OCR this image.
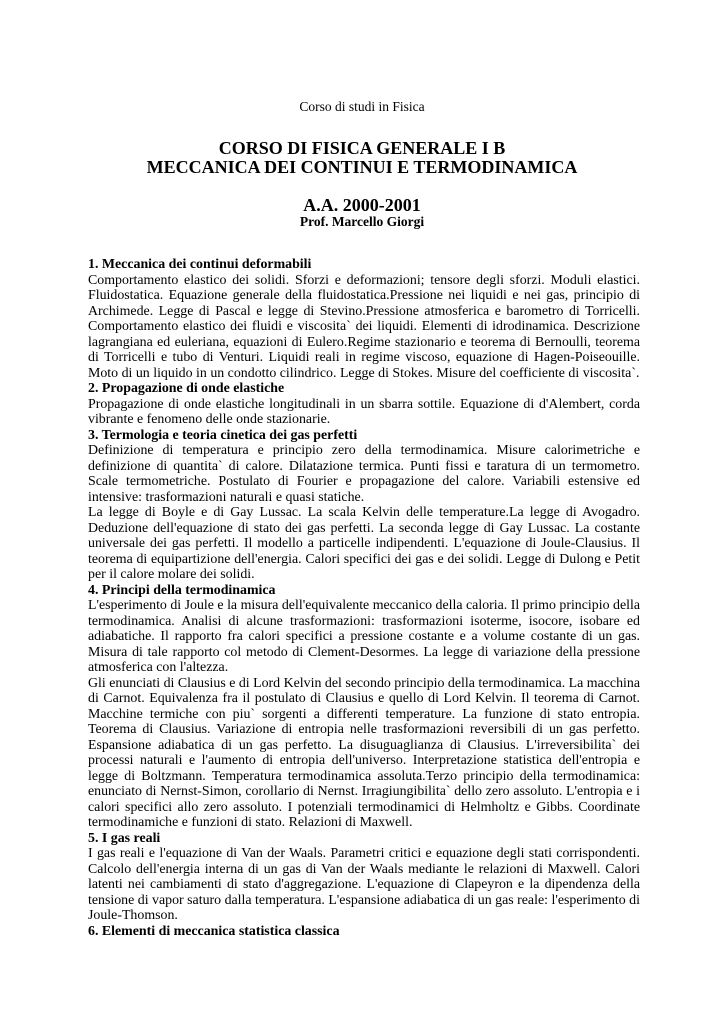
Corso di studi in Fisica
CORSO DI FISICA GENERALE I B
MECCANICA DEI CONTINUI E TERMODINAMICA
A.A. 2000-2001
Prof. Marcello Giorgi

1. Meccanica dei continui deformabili

Comportamento elastico dei solidi. Sforzi e deformazioni; tensore degli sforzi. Moduli elastici. Fluidostatica. Equazione generale della fluidostatica.Pressione nei liquidi e nei gas, principio di Archimede. Legge di Pascal e legge di Stevino.Pressione atmosferica e barometro di Torricelli. Comportamento elastico dei fluidi e viscosita` dei liquidi. Elementi di idrodinamica. Descrizione lagrangiana ed euleriana, equazioni di Eulero.Regime stazionario e teorema di Bernoulli, teorema di Torricelli e tubo di Venturi. Liquidi reali in regime viscoso, equazione di Hagen-Poiseouille. Moto di un liquido in un condotto cilindrico. Legge di Stokes. Misure del coefficiente di viscosita`.

2. Propagazione di onde elastiche

Propagazione di onde elastiche longitudinali in un sbarra sottile. Equazione di d'Alembert, corda vibrante e fenomeno delle onde stazionarie.

3. Termologia e teoria cinetica dei gas perfetti

Definizione di temperatura e principio zero della termodinamica. Misure calorimetriche e definizione di quantita` di calore. Dilatazione termica. Punti fissi e taratura di un termometro. Scale termometriche. Postulato di Fourier e propagazione del calore. Variabili estensive ed intensive: trasformazioni naturali e quasi statiche.

La legge di Boyle e di Gay Lussac. La scala Kelvin delle temperature.La legge di Avogadro. Deduzione dell'equazione di stato dei gas perfetti. La seconda legge di Gay Lussac. La costante universale dei gas perfetti. Il modello a particelle indipendenti. L'equazione di Joule-Clausius. Il teorema di equipartizione dell'energia. Calori specifici dei gas e dei solidi. Legge di Dulong e Petit per il calore molare dei solidi.

4. Principi della termodinamica

L'esperimento di Joule e la misura dell'equivalente meccanico della caloria. Il primo principio della termodinamica. Analisi di alcune trasformazioni: trasformazioni isoterme, isocore, isobare ed adiabatiche. Il rapporto fra calori specifici a pressione costante e a volume costante di un gas. Misura di tale rapporto col metodo di Clement-Desormes. La legge di variazione della pressione atmosferica con l'altezza.

Gli enunciati di Clausius e di Lord Kelvin del secondo principio della termodinamica. La macchina di Carnot. Equivalenza fra il postulato di Clausius e quello di Lord Kelvin. Il teorema di Carnot. Macchine termiche con piu` sorgenti a differenti temperature. La funzione di stato entropia. Teorema di Clausius. Variazione di entropia nelle trasformazioni reversibili di un gas perfetto. Espansione adiabatica di un gas perfetto. La disuguaglianza di Clausius. L'irreversibilita` dei processi naturali e l'aumento di entropia dell'universo. Interpretazione statistica dell'entropia e legge di Boltzmann. Temperatura termodinamica assoluta.Terzo principio della termodinamica: enunciato di Nernst-Simon, corollario di Nernst. Irragiungibilita` dello zero assoluto. L'entropia e i calori specifici allo zero assoluto. I potenziali termodinamici di Helmholtz e Gibbs. Coordinate termodinamiche e funzioni di stato. Relazioni di Maxwell.

5. I gas reali

I gas reali e l'equazione di Van der Waals. Parametri critici e equazione degli stati corrispondenti. Calcolo dell'energia interna di un gas di Van der Waals mediante le relazioni di Maxwell. Calori latenti nei cambiamenti di stato d'aggregazione. L'equazione di Clapeyron e la dipendenza della tensione di vapor saturo dalla temperatura. L'espansione adiabatica di un gas reale: l'esperimento di Joule-Thomson.

6. Elementi di meccanica statistica classica
